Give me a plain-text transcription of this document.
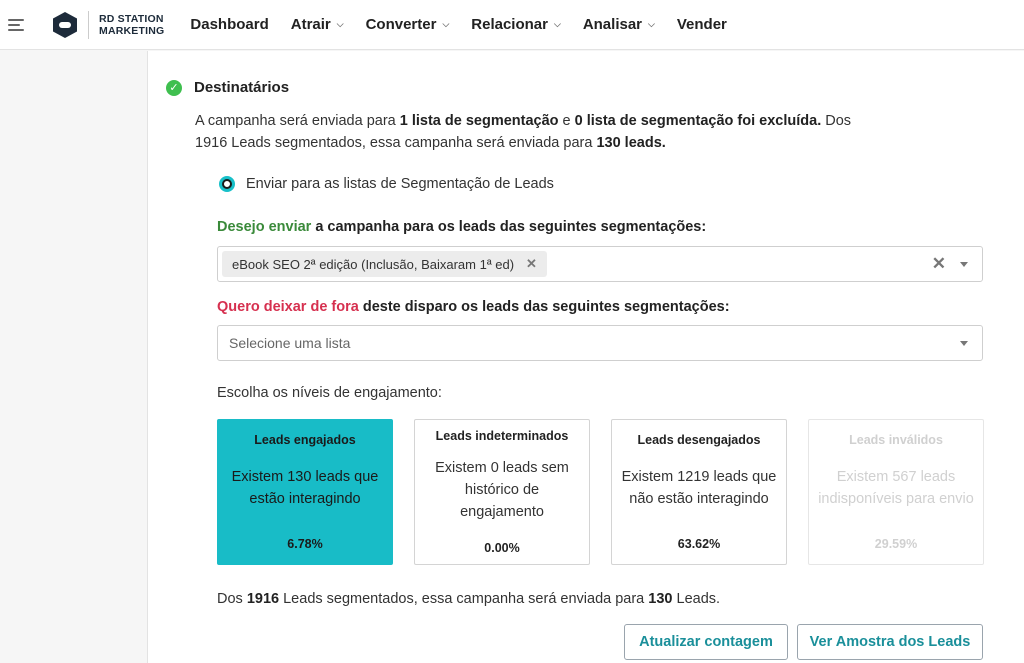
RD STATION
MARKETING Dashboard Atrair ⌵ Converter ⌵ Relacionar ⌵ Analisar ⌵ Vender
✓ Destinatários
A campanha será enviada para 1 lista de segmentação e 0 lista de segmentação foi excluída. Dos 1916 Leads segmentados, essa campanha será enviada para 130 leads.
Enviar para as listas de Segmentação de Leads
Desejo enviar a campanha para os leads das seguintes segmentações:
eBook SEO 2ª edição (Inclusão, Baixaram 1ª ed) ✕	✕
Quero deixar de fora deste disparo os leads das seguintes segmentações:
Selecione uma lista
Escolha os níveis de engajamento:
Leads engajados
Existem 130 leads que estão interagindo
6.78%
Leads indeterminados
Existem 0 leads sem histórico de engajamento
0.00%
Leads desengajados
Existem 1219 leads que não estão interagindo
63.62%
Leads inválidos
Existem 567 leads indisponíveis para envio
29.59%
Dos 1916 Leads segmentados, essa campanha será enviada para 130 Leads.
Atualizar contagem	Ver Amostra dos Leads
